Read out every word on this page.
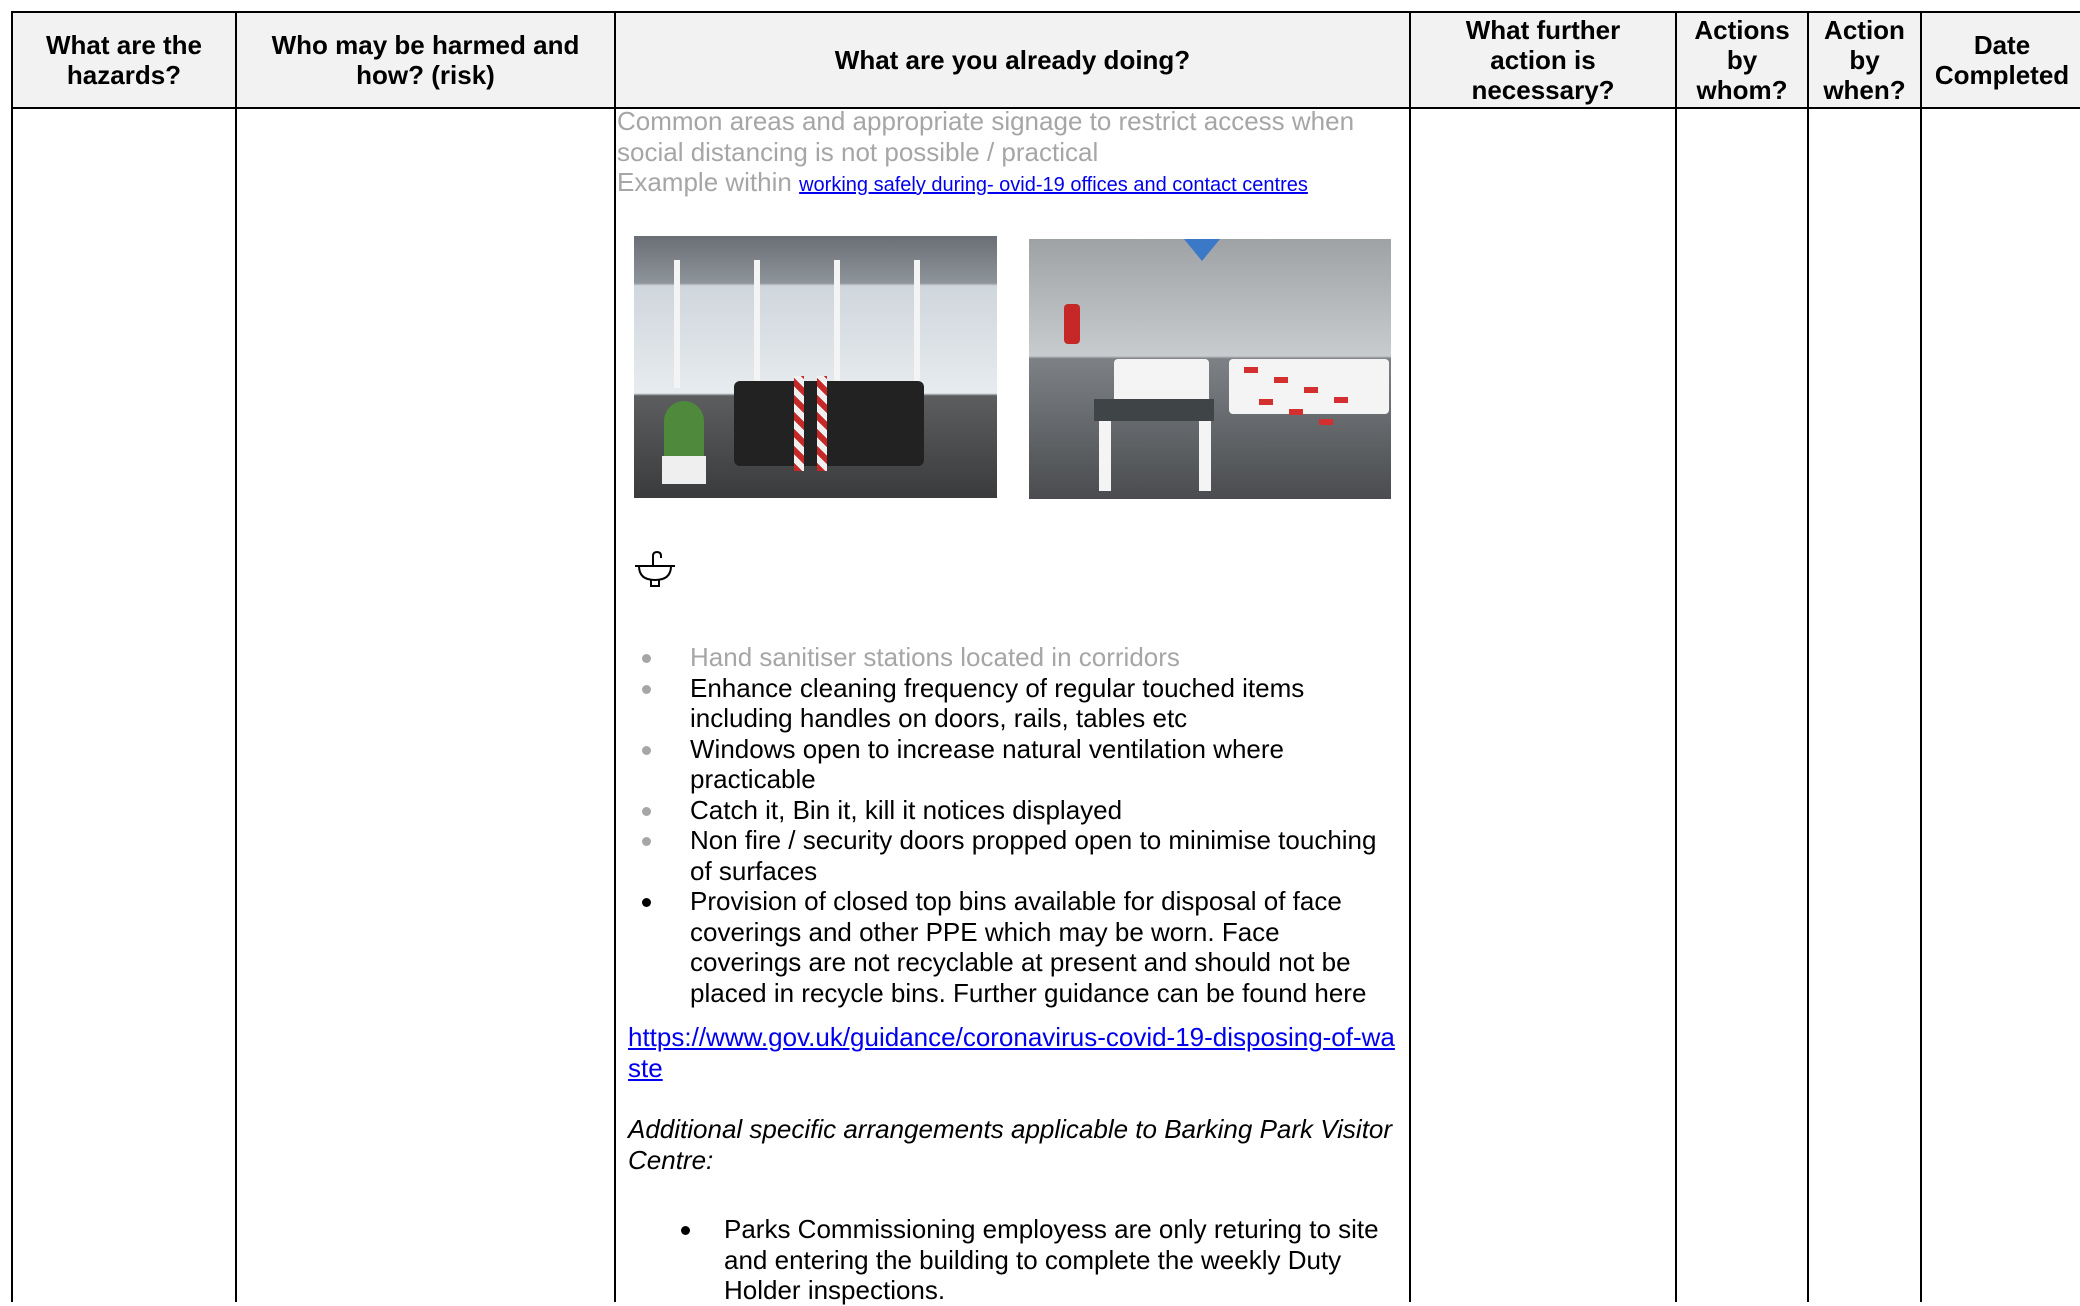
What are the hazards?
Who may be harmed and how? (risk)	What are you already doing?
What further action is necessary?
Actions by whom?
Action by when?
Date Completed
Common areas and appropriate signage to restrict access when
social distancing is not possible / practical
Example within working safely during- ovid-19 offices and contact centres
Hand sanitiser stations located in corridors
Enhance cleaning frequency of regular touched items including handles on doors, rails, tables etc
Windows open to increase natural ventilation where practicable
Catch it, Bin it, kill it notices displayed
Non fire / security doors propped open to minimise touching of surfaces
Provision of closed top bins available for disposal of face coverings and other PPE which may be worn. Face coverings are not recyclable at present and should not be placed in recycle bins. Further guidance can be found here
https://www.gov.uk/guidance/coronavirus-covid-19-disposing-of-waste
Additional specific arrangements applicable to Barking Park Visitor Centre:
Parks Commissioning employess are only returing to site and entering the building to complete the weekly Duty Holder inspections.
